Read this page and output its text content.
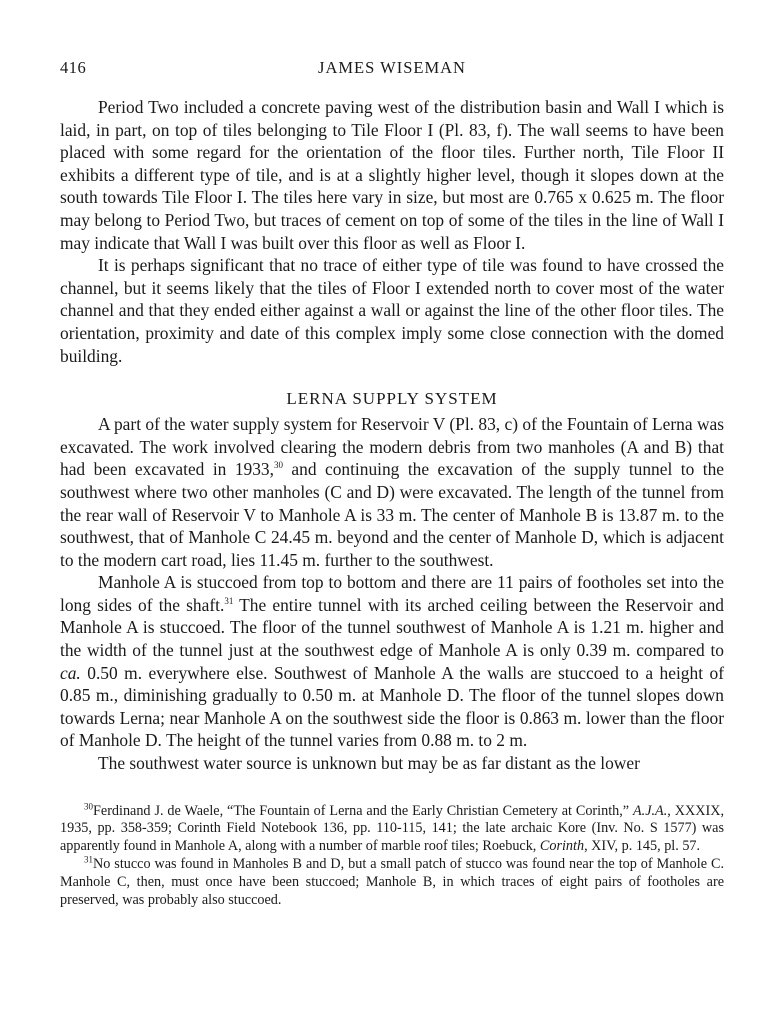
416	JAMES WISEMAN

Period Two included a concrete paving west of the distribution basin and Wall I which is laid, in part, on top of tiles belonging to Tile Floor I (Pl. 83, f). The wall seems to have been placed with some regard for the orientation of the floor tiles. Further north, Tile Floor II exhibits a different type of tile, and is at a slightly higher level, though it slopes down at the south towards Tile Floor I. The tiles here vary in size, but most are 0.765 x 0.625 m. The floor may belong to Period Two, but traces of cement on top of some of the tiles in the line of Wall I may indicate that Wall I was built over this floor as well as Floor I.

It is perhaps significant that no trace of either type of tile was found to have crossed the channel, but it seems likely that the tiles of Floor I extended north to cover most of the water channel and that they ended either against a wall or against the line of the other floor tiles. The orientation, proximity and date of this complex imply some close connection with the domed building.

LERNA SUPPLY SYSTEM

A part of the water supply system for Reservoir V (Pl. 83, c) of the Fountain of Lerna was excavated. The work involved clearing the modern debris from two manholes (A and B) that had been excavated in 1933,30 and continuing the excavation of the supply tunnel to the southwest where two other manholes (C and D) were excavated. The length of the tunnel from the rear wall of Reservoir V to Manhole A is 33 m. The center of Manhole B is 13.87 m. to the southwest, that of Manhole C 24.45 m. beyond and the center of Manhole D, which is adjacent to the modern cart road, lies 11.45 m. further to the southwest.

Manhole A is stuccoed from top to bottom and there are 11 pairs of footholes set into the long sides of the shaft.$^{31}$ The entire tunnel with its arched ceiling between the Reservoir and Manhole A is stuccoed. The floor of the tunnel southwest of Manhole A is 1.21 m. higher and the width of the tunnel just at the southwest edge of Manhole A is only 0.39 m. compared to ca. 0.50 m. everywhere else. Southwest of Manhole A the walls are stuccoed to a height of 0.85 m., diminishing gradually to 0.50 m. at Manhole D. The floor of the tunnel slopes down towards Lerna; near Manhole A on the southwest side the floor is 0.863 m. lower than the floor of Manhole D. The height of the tunnel varies from 0.88 m. to 2 m.

The southwest water source is unknown but may be as far distant as the lower

$^{30}$Ferdinand J. de Waele, “The Fountain of Lerna and the Early Christian Cemetery at Corinth,” A.J.A., XXXIX, 1935, pp. 358-359; Corinth Field Notebook 136, pp. 110-115, 141; the late archaic Kore (Inv. No. S 1577) was apparently found in Manhole A, along with a number of marble roof tiles; Roebuck, Corinth, XIV, p. 145, pl. 57.

$^{31}$No stucco was found in Manholes B and D, but a small patch of stucco was found near the top of Manhole C. Manhole C, then, must once have been stuccoed; Manhole B, in which traces of eight pairs of footholes are preserved, was probably also stuccoed.
